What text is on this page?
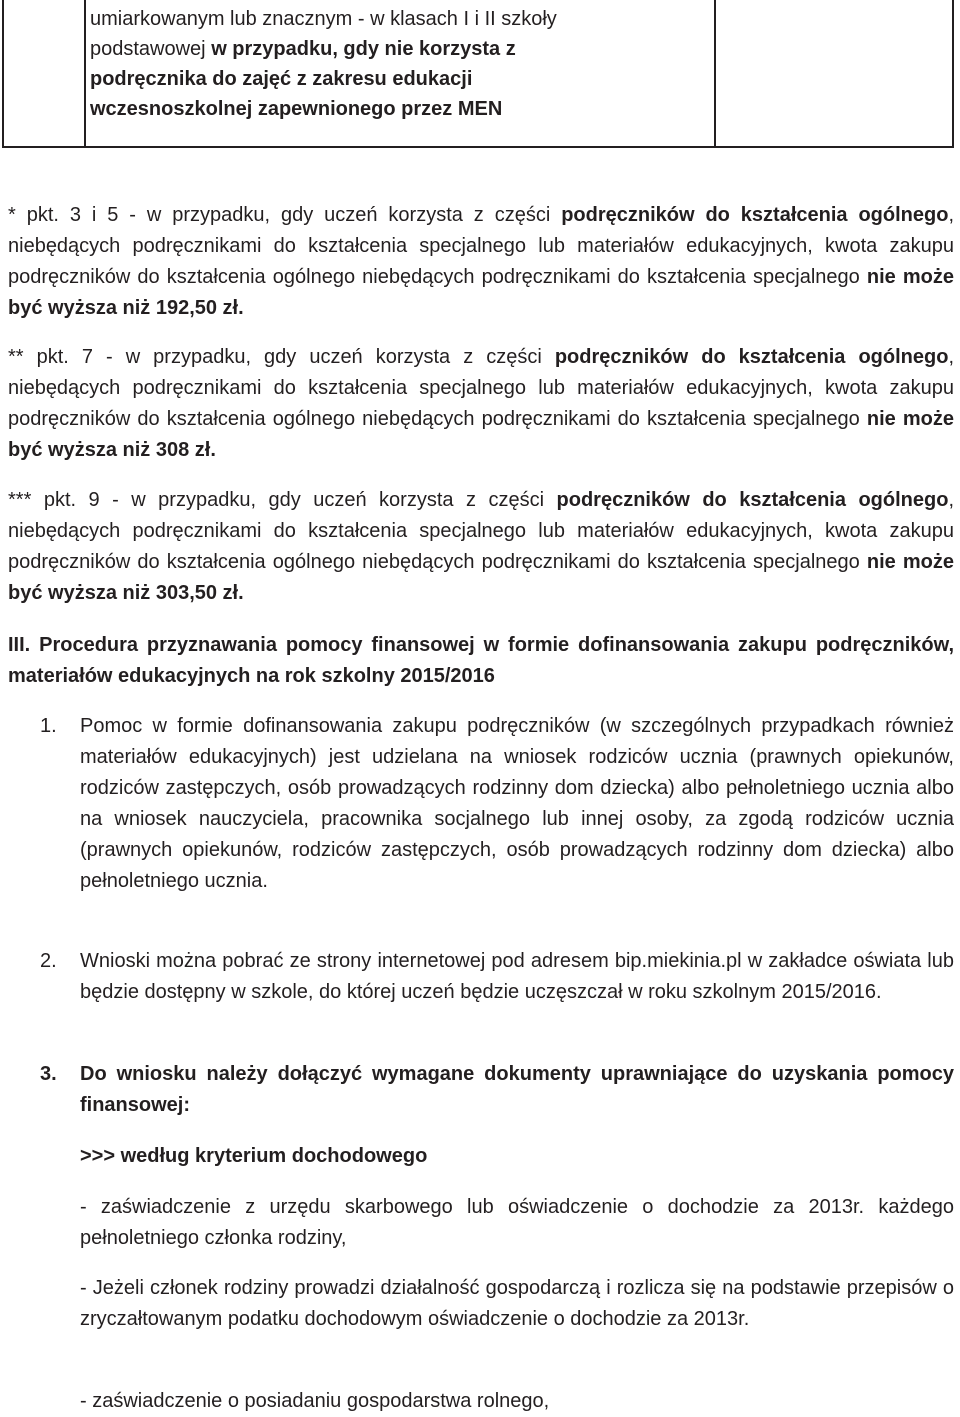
umiarkowanym lub znacznym - w klasach I i II szkoły
podstawowej w przypadku, gdy nie korzysta z
podręcznika do zajęć z zakresu edukacji
wczesnoszkolnej zapewnionego przez MEN
* pkt. 3 i 5 - w przypadku, gdy uczeń korzysta z części podręczników do kształcenia ogólnego, niebędących podręcznikami do kształcenia specjalnego lub materiałów edukacyjnych, kwota zakupu podręczników do kształcenia ogólnego niebędących podręcznikami do kształcenia specjalnego nie może być wyższa niż 192,50 zł.
** pkt. 7 - w przypadku, gdy uczeń korzysta z części podręczników do kształcenia ogólnego, niebędących podręcznikami do kształcenia specjalnego lub materiałów edukacyjnych, kwota zakupu podręczników do kształcenia ogólnego niebędących podręcznikami do kształcenia specjalnego nie może być wyższa niż 308 zł.
*** pkt. 9 - w przypadku, gdy uczeń korzysta z części podręczników do kształcenia ogólnego, niebędących podręcznikami do kształcenia specjalnego lub materiałów edukacyjnych, kwota zakupu podręczników do kształcenia ogólnego niebędących podręcznikami do kształcenia specjalnego nie może być wyższa niż 303,50 zł.
III. Procedura przyznawania pomocy finansowej w formie dofinansowania zakupu podręczników, materiałów edukacyjnych na rok szkolny 2015/2016
1. Pomoc w formie dofinansowania zakupu podręczników (w szczególnych przypadkach również materiałów edukacyjnych) jest udzielana na wniosek rodziców ucznia (prawnych opiekunów, rodziców zastępczych, osób prowadzących rodzinny dom dziecka) albo pełnoletniego ucznia albo na wniosek nauczyciela, pracownika socjalnego lub innej osoby, za zgodą rodziców ucznia (prawnych opiekunów, rodziców zastępczych, osób prowadzących rodzinny dom dziecka) albo pełnoletniego ucznia.
2. Wnioski można pobrać ze strony internetowej pod adresem bip.miekinia.pl w zakładce oświata lub będzie dostępny w szkole, do której uczeń będzie uczęszczał w roku szkolnym 2015/2016.
3. Do wniosku należy dołączyć wymagane dokumenty uprawniające do uzyskania pomocy finansowej:
>>> według kryterium dochodowego
- zaświadczenie z urzędu skarbowego lub oświadczenie o dochodzie za 2013r. każdego pełnoletniego członka rodziny,
- Jeżeli członek rodziny prowadzi działalność gospodarczą i rozlicza się na podstawie przepisów o zryczałtowanym podatku dochodowym oświadczenie o dochodzie za 2013r.
- zaświadczenie o posiadaniu gospodarstwa rolnego,
